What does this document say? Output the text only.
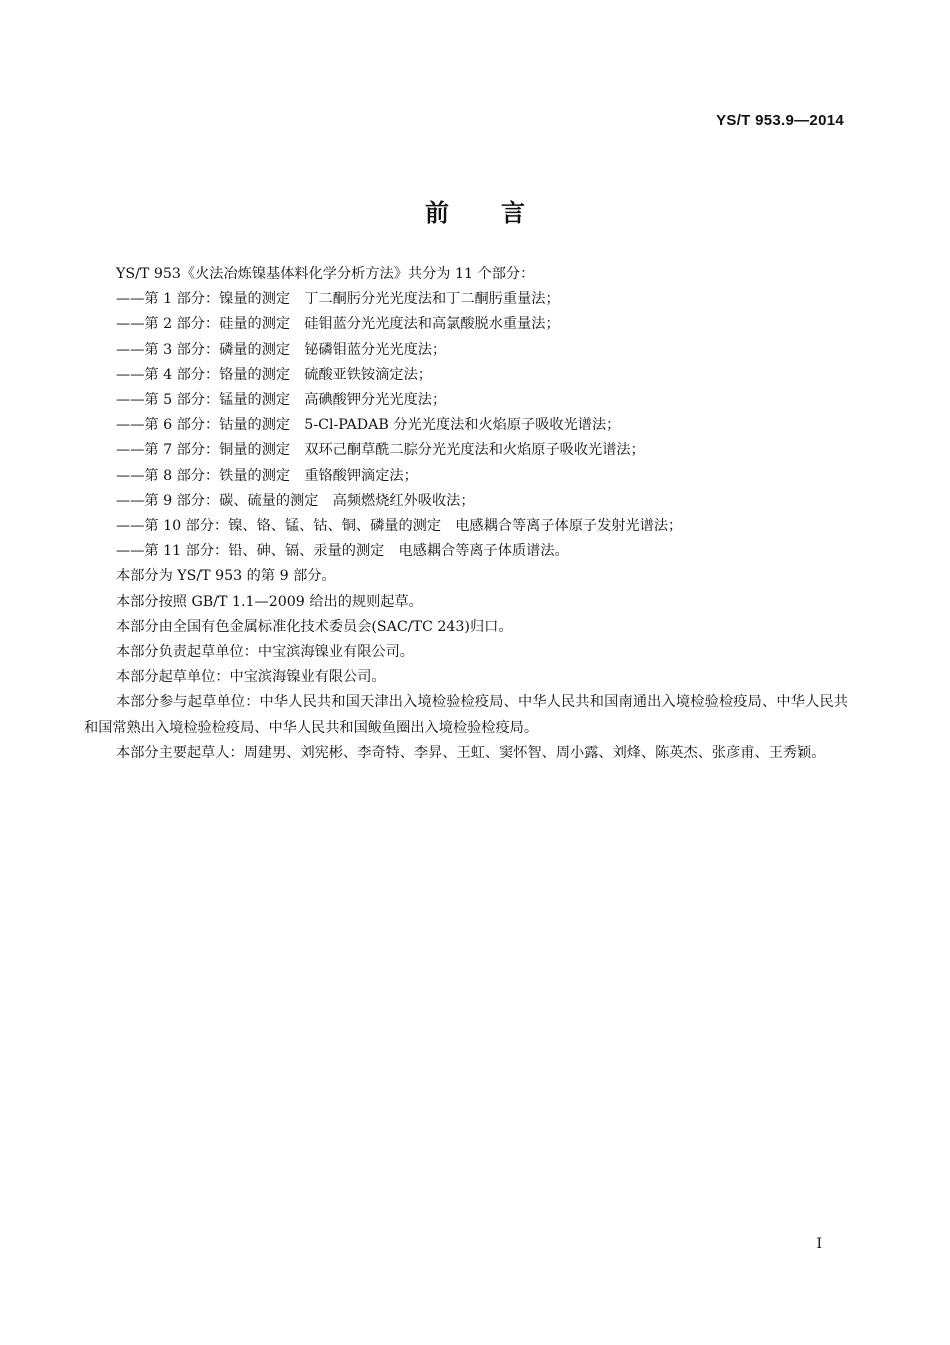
YS/T 953.9—2014
前言
YS/T 953《火法冶炼镍基体料化学分析方法》共分为 11 个部分：
——第 1 部分：镍量的测定　丁二酮肟分光光度法和丁二酮肟重量法；
——第 2 部分：硅量的测定　硅钼蓝分光光度法和高氯酸脱水重量法；
——第 3 部分：磷量的测定　铋磷钼蓝分光光度法；
——第 4 部分：铬量的测定　硫酸亚铁铵滴定法；
——第 5 部分：锰量的测定　高碘酸钾分光光度法；
——第 6 部分：钴量的测定　5-Cl-PADAB 分光光度法和火焰原子吸收光谱法；
——第 7 部分：铜量的测定　双环己酮草酰二腙分光光度法和火焰原子吸收光谱法；
——第 8 部分：铁量的测定　重铬酸钾滴定法；
——第 9 部分：碳、硫量的测定　高频燃烧红外吸收法；
——第 10 部分：镍、铬、锰、钴、铜、磷量的测定　电感耦合等离子体原子发射光谱法；
——第 11 部分：铅、砷、镉、汞量的测定　电感耦合等离子体质谱法。
本部分为 YS/T 953 的第 9 部分。
本部分按照 GB/T 1.1—2009 给出的规则起草。
本部分由全国有色金属标准化技术委员会(SAC/TC 243)归口。
本部分负责起草单位：中宝滨海镍业有限公司。
本部分起草单位：中宝滨海镍业有限公司。
本部分参与起草单位：中华人民共和国天津出入境检验检疫局、中华人民共和国南通出入境检验检疫局、中华人民共和国常熟出入境检验检疫局、中华人民共和国鲅鱼圈出入境检验检疫局。
本部分主要起草人：周建男、刘宪彬、李奇特、李昇、王虹、窦怀智、周小露、刘烽、陈英杰、张彦甫、王秀颖。
I
